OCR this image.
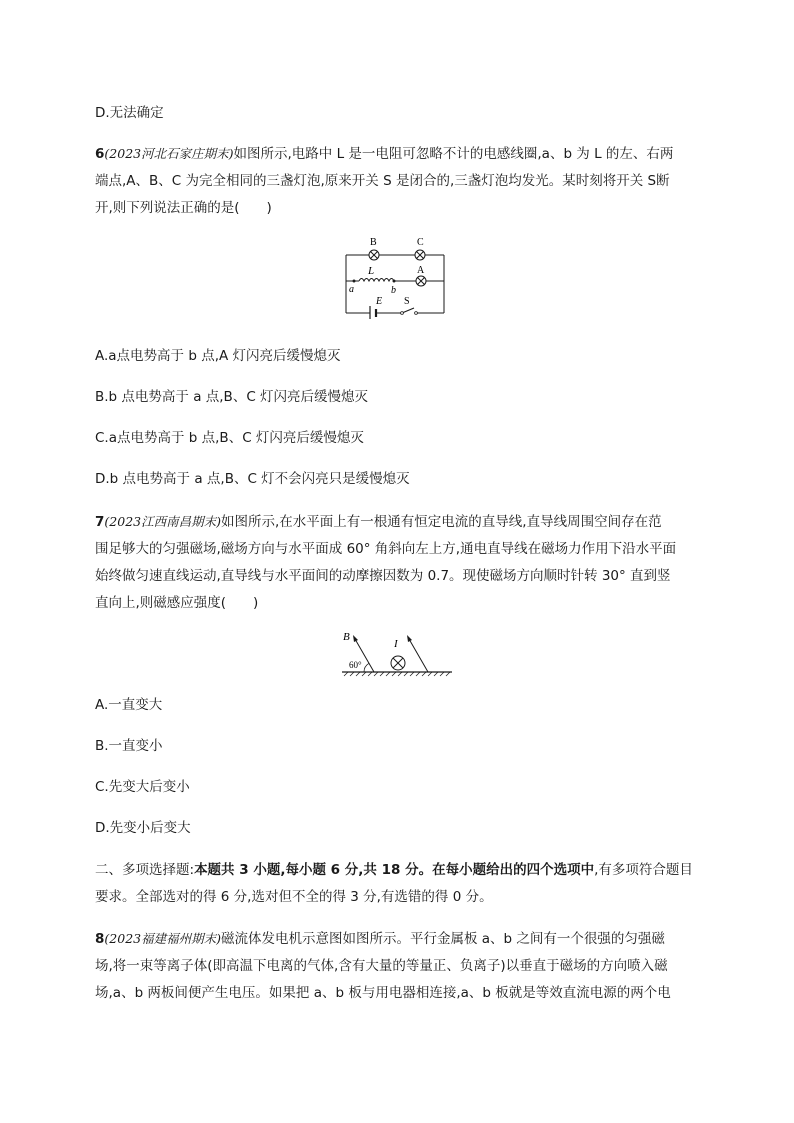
D.无法确定
6(2023河北石家庄期末)如图所示,电路中 L 是一电阻可忽略不计的电感线圈,a、b 为 L 的左、右两
端点,A、B、C 为完全相同的三盏灯泡,原来开关 S 是闭合的,三盏灯泡均发光。某时刻将开关 S断
开,则下列说法正确的是(　　)
B	C
L	A
a	b
E S
A.a点电势高于 b 点,A 灯闪亮后缓慢熄灭
B.b 点电势高于 a 点,B、C 灯闪亮后缓慢熄灭
C.a点电势高于 b 点,B、C 灯闪亮后缓慢熄灭
D.b 点电势高于 a 点,B、C 灯不会闪亮只是缓慢熄灭
7(2023江西南昌期末)如图所示,在水平面上有一根通有恒定电流的直导线,直导线周围空间存在范
围足够大的匀强磁场,磁场方向与水平面成 60° 角斜向左上方,通电直导线在磁场力作用下沿水平面
始终做匀速直线运动,直导线与水平面间的动摩擦因数为 0.7。现使磁场方向顺时针转 30° 直到竖
直向上,则磁感应强度(　　)
B
I
60°
A.一直变大
B.一直变小
C.先变大后变小
D.先变小后变大
二、多项选择题:本题共 3 小题,每小题 6 分,共 18 分。在每小题给出的四个选项中,有多项符合题目
要求。全部选对的得 6 分,选对但不全的得 3 分,有选错的得 0 分。
8(2023福建福州期末)磁流体发电机示意图如图所示。平行金属板 a、b 之间有一个很强的匀强磁
场,将一束等离子体(即高温下电离的气体,含有大量的等量正、负离子)以垂直于磁场的方向喷入磁
场,a、b 两板间便产生电压。如果把 a、b 板与用电器相连接,a、b 板就是等效直流电源的两个电
